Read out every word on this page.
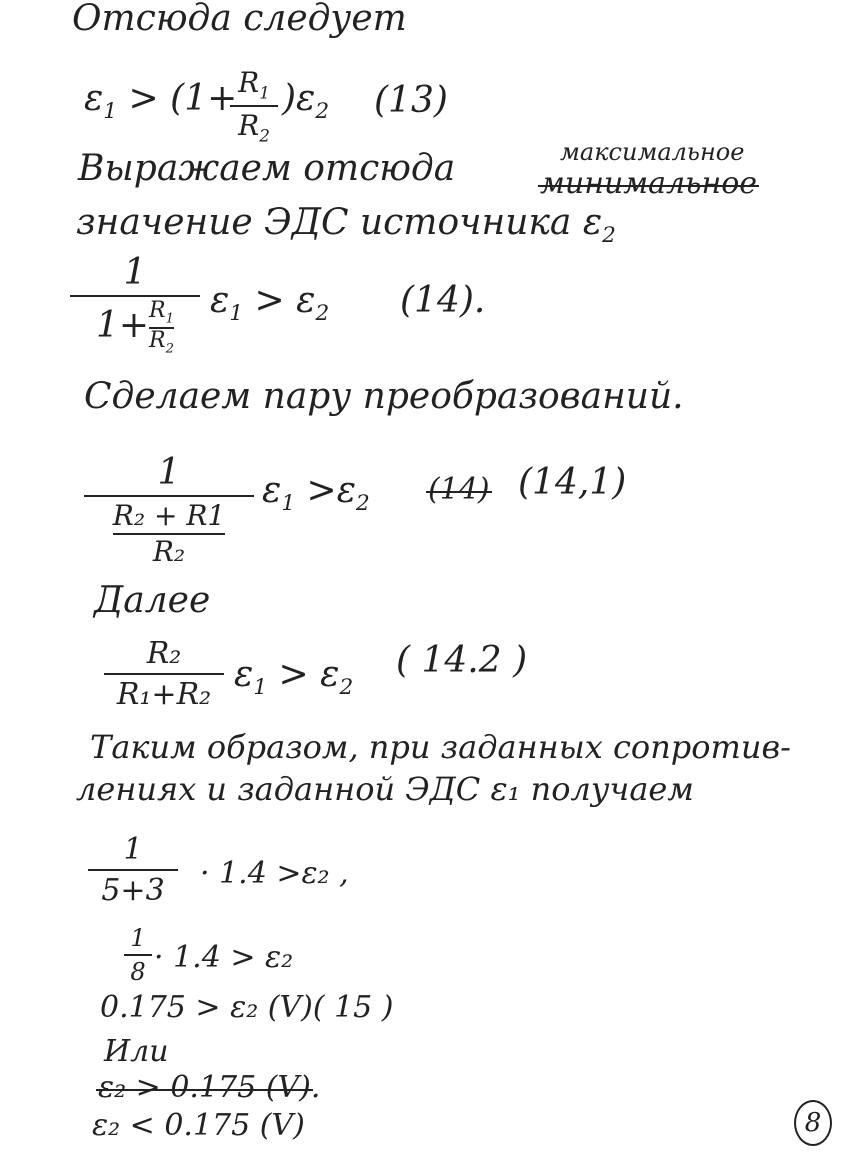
Отсюда следует
$\varepsilon_1 > (1+ R_1$
$R_2$
)$\varepsilon_2$ (13)
Выражаем отсюда	максимальное
минимальное
значение ЭДС источника $\varepsilon_2$
1
$1+ \frac{R_1}{R_2} \varepsilon_1 > \varepsilon_2$ (14).
Сделаем пару преобразований.
1
$\frac{\text{R₂ + R1}}{\text{R₂}}$
$\varepsilon_1 >\varepsilon_2$ (14) (14,1)
Далее
R₂
R₁+R₂ $\varepsilon_1 > \varepsilon_2$
( 14.2 )
Таким образом, при заданных сопротив-
лениях и заданной ЭДС ε₁ получаем
1
5+3	· 1.4 >ε₂ ,
1
8 · 1.4 > ε₂
0.175 > ε₂ (V)( 15 )
Или
ε₂ > 0.175 (V).
ε₂ < 0.175 (V)	8
